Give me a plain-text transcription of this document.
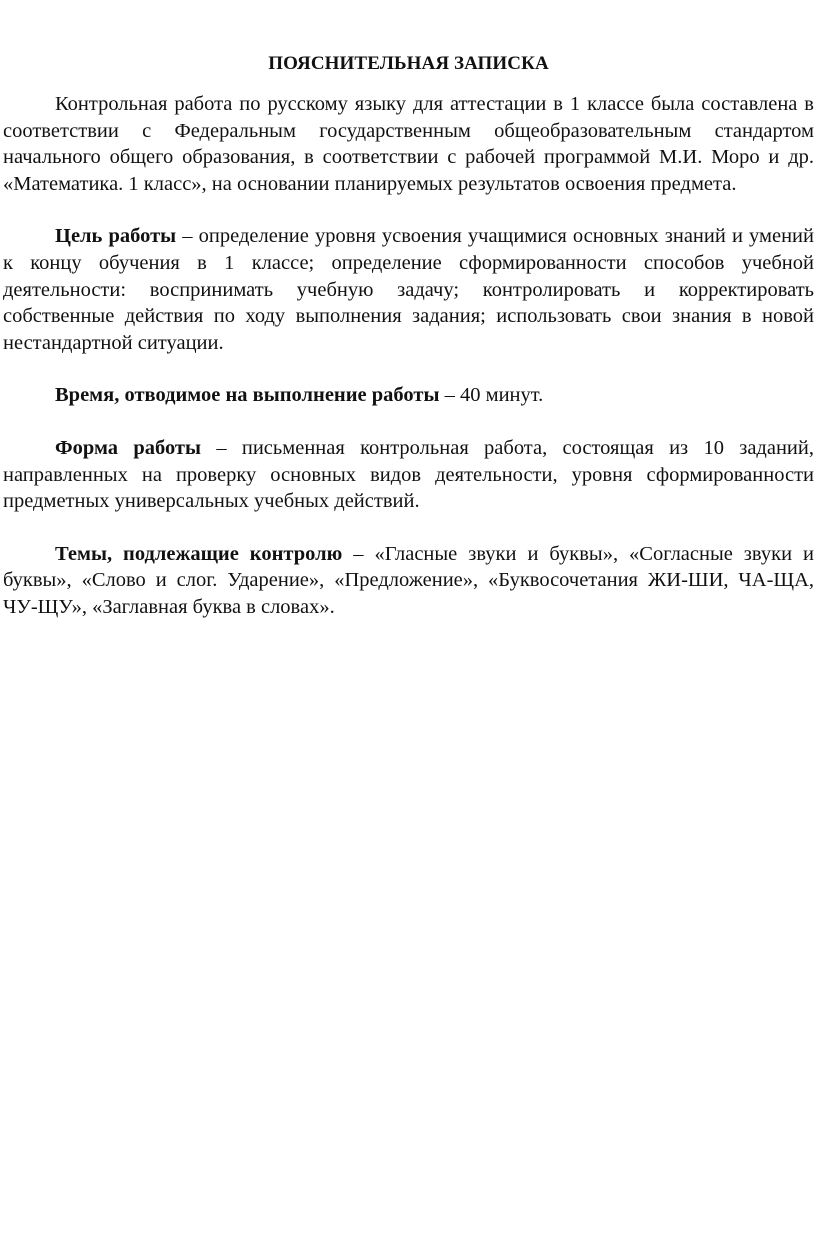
ПОЯСНИТЕЛЬНАЯ ЗАПИСКА

Контрольная работа по русскому языку для аттестации в 1 классе была составлена в соответствии с Федеральным государственным общеобразовательным стандартом начального общего образования, в соответствии с рабочей программой М.И. Моро и др. «Математика. 1 класс», на основании планируемых результатов освоения предмета.

Цель работы – определение уровня усвоения учащимися основных знаний и умений к концу обучения в 1 классе; определение сформированности способов учебной деятельности: воспринимать учебную задачу; контролировать и корректировать собственные действия по ходу выполнения задания; использовать свои знания в новой нестандартной ситуации.

Время, отводимое на выполнение работы – 40 минут.

Форма работы – письменная контрольная работа, состоящая из 10 заданий, направленных на проверку основных видов деятельности, уровня сформированности предметных универсальных учебных действий.

Темы, подлежащие контролю – «Гласные звуки и буквы», «Согласные звуки и буквы», «Слово и слог. Ударение», «Предложение», «Буквосочетания ЖИ-ШИ, ЧА-ЩА, ЧУ-ЩУ», «Заглавная буква в словах».
